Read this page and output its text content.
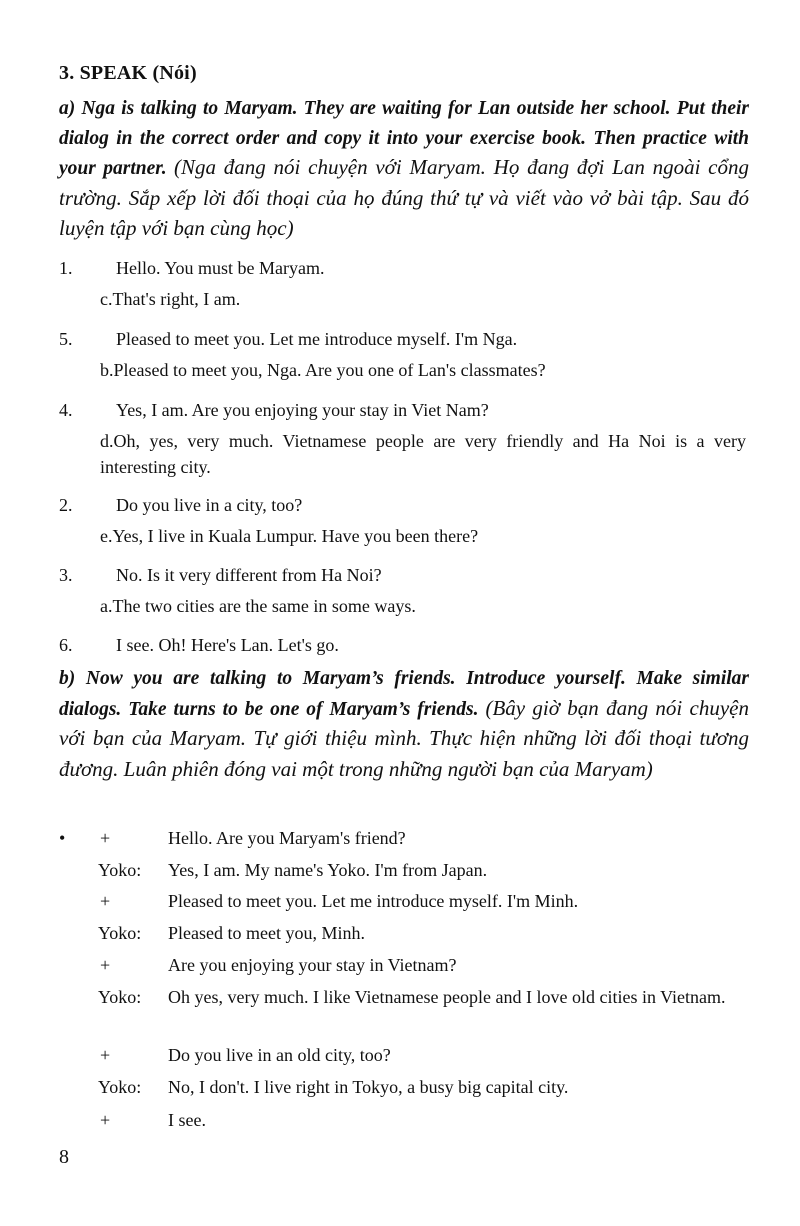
3. SPEAK (Nói)

a) Nga is talking to Maryam. They are waiting for Lan outside her school. Put their dialog in the correct order and copy it into your exercise book. Then practice with your partner. (Nga đang nói chuyện với Maryam. Họ đang đợi Lan ngoài cổng trường. Sắp xếp lời đối thoại của họ đúng thứ tự và viết vào vở bài tập. Sau đó luyện tập với bạn cùng học)

1. Hello. You must be Maryam.
c.That's right, I am.
5. Pleased to meet you. Let me introduce myself. I'm Nga.
b.Pleased to meet you, Nga. Are you one of Lan's classmates?
4. Yes, I am. Are you enjoying your stay in Viet Nam?
d.Oh, yes, very much. Vietnamese people are very friendly and Ha Noi is a very interesting city.
2. Do you live in a city, too?
e.Yes, I live in Kuala Lumpur. Have you been there?
3. No. Is it very different from Ha Noi?
a.The two cities are the same in some ways.
6. I see. Oh! Here's Lan. Let's go.

b) Now you are talking to Maryam’s friends. Introduce yourself. Make similar dialogs. Take turns to be one of Maryam’s friends. (Bây giờ bạn đang nói chuyện với bạn của Maryam. Tự giới thiệu mình. Thực hiện những lời đối thoại tương đương. Luân phiên đóng vai một trong những người bạn của Maryam)

• +	Hello. Are you Maryam's friend?
Yoko: Yes, I am. My name's Yoko. I'm from Japan.
+	Pleased to meet you. Let me introduce myself. I'm Minh.
Yoko: Pleased to meet you, Minh.
+	Are you enjoying your stay in Vietnam?
Yoko: Oh yes, very much. I like Vietnamese people and I love old cities in Vietnam.
+	Do you live in an old city, too?
Yoko: No, I don't. I live right in Tokyo, a busy big capital city.
+	I see.
8
